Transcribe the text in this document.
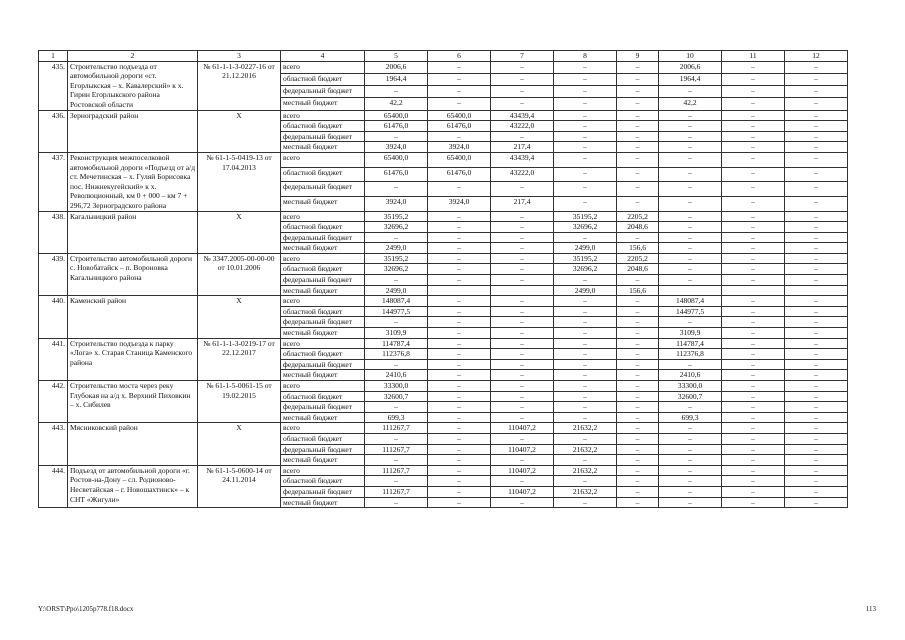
1	2	3	4	5	6	7	8	9	10	11	12
435.	Строительство подъезда от автомобильной дороги «ст. Егорлыкская – х. Кавалерский» к х. Гирин Егорлыкского района Ростовской области	№ 61-1-1-3-0227-16 от 21.12.2016	всего	2006,6	–	–	–	–	2006,6	–	–
			областной бюджет	1964,4	–	–	–	–	1964,4	–	–
			федеральный бюджет	–	–	–	–	–	–	–	–
			местный бюджет	42,2	–	–	–	–	42,2	–	–
436.	Зерноградский район	Х	всего	65400,0	65400,0	43439,4	–	–	–	–	–
			областной бюджет	61476,0	61476,0	43222,0	–	–	–	–	–
			федеральный бюджет	–	–	–	–	–	–	–	–
			местный бюджет	3924,0	3924,0	217,4	–	–	–	–	–
437.	Реконструкция межпоселковой автомобильной дороги «Подъезд от а/д ст. Мечетинская – х. Гуляй Борисовка пос. Нижнекугейский» к х. Революционный, км 0 + 000 – км 7 + 296,72 Зерноградского района	№ 61-1-5-0419-13 от 17.04.2013	всего	65400,0	65400,0	43439,4	–	–	–	–	–
			областной бюджет	61476,0	61476,0	43222,0	–	–	–	–	–
			федеральный бюджет	–	–	–	–	–	–	–	–
			местный бюджет	3924,0	3924,0	217,4	–	–	–	–	–
438.	Кагальницкий район	Х	всего	35195,2	–	–	35195,2	2205,2	–	–	–
			областной бюджет	32696,2	–	–	32696,2	2048,6	–	–	–
			федеральный бюджет	–	–	–	–	–	–	–	–
			местный бюджет	2499,0	–	–	2499,0	156,6	–	–	–
439.	Строительство автомобильной дороги с. Новобатайск – п. Вороновка Кагальницкого района	№ 3347.2005-00-00-00 от 10.01.2006	всего	35195,2	–	–	35195,2	2205,2	–	–	–
			областной бюджет	32696,2	–	–	32696,2	2048,6	–	–	–
			федеральный бюджет	–	–	–	–	–	–	–	–
			местный бюджет	2499,0			2499,0	156,6			
440.	Каменский район	Х	всего	148087,4	–	–	–	–	148087,4	–	–
			областной бюджет	144977,5	–	–	–	–	144977,5	–	–
			федеральный бюджет	–	–	–	–	–	–	–	–
			местный бюджет	3109,9	–	–	–	–	3109,9	–	–
441.	Строительство подъезда к парку «Лога» х. Старая Станица Каменского района	№ 61-1-1-3-0219-17 от 22.12.2017	всего	114787,4	–	–	–	–	114787,4	–	–
			областной бюджет	112376,8	–	–	–	–	112376,8	–	–
			федеральный бюджет	–	–	–	–	–	–	–	–
			местный бюджет	2410,6	–	–	–	–	2410,6	–	–
442.	Строительство моста через реку Глубокая на а/д х. Верхний Пиховкин – х. Сибилев	№ 61-1-5-0061-15 от 19.02.2015	всего	33300,0	–	–	–	–	33300,0	–	–
			областной бюджет	32600,7	–	–	–	–	32600,7	–	–
			федеральный бюджет	–	–	–	–	–	–	–	–
			местный бюджет	699,3	–	–	–	–	699,3	–	–
443.	Мясниковский район	Х	всего	111267,7	–	110407,2	21632,2	–	–	–	–
			областной бюджет	–	–	–	–	–	–	–	–
			федеральный бюджет	111267,7	–	110407,2	21632,2	–	–	–	–
			местный бюджет	–	–	–	–	–	–	–	–
444.	Подъезд от автомобильной дороги «г. Ростов-на-Дону – сл. Родионово-Несветайская – г. Новошахтинск» – к СНТ «Жигули»	№ 61-1-5-0600-14 от 24.11.2014	всего	111267,7	–	110407,2	21632,2	–	–	–	–
			областной бюджет	–	–	–	–	–	–	–	–
			федеральный бюджет	111267,7	–	110407,2	21632,2	–	–	–	–
			местный бюджет	–	–	–	–	–	–	–	–
Y:\ORST\Ppo\1205p778.f18.docx	113
